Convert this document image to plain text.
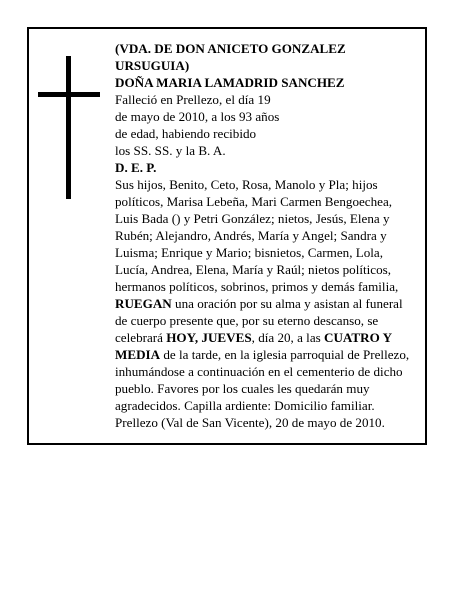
(VDA. DE DON ANICETO GONZALEZ
URSUGUIA)
DOÑA MARIA LAMADRID SANCHEZ
Falleció en Prellezo, el día 19
de mayo de 2010, a los 93 años
de edad, habiendo recibido
los SS. SS. y la B. A.
D. E. P.
Sus hijos, Benito, Ceto, Rosa, Manolo y Pla; hijos
políticos, Marisa Lebeña, Mari Carmen Bengoechea,
Luis Bada () y Petri González; nietos, Jesús, Elena y
Rubén; Alejandro, Andrés, María y Angel; Sandra y
Luisma; Enrique y Mario; bisnietos, Carmen, Lola,
Lucía, Andrea, Elena, María y Raúl; nietos políticos,
hermanos políticos, sobrinos, primos y demás familia,
RUEGAN una oración por su alma y asistan al funeral
de cuerpo presente que, por su eterno descanso, se
celebrará HOY, JUEVES, día 20, a las CUATRO Y
MEDIA de la tarde, en la iglesia parroquial de Prellezo,
inhumándose a continuación en el cementerio de dicho
pueblo. Favores por los cuales les quedarán muy
agradecidos. Capilla ardiente: Domicilio familiar.
Prellezo (Val de San Vicente), 20 de mayo de 2010.
